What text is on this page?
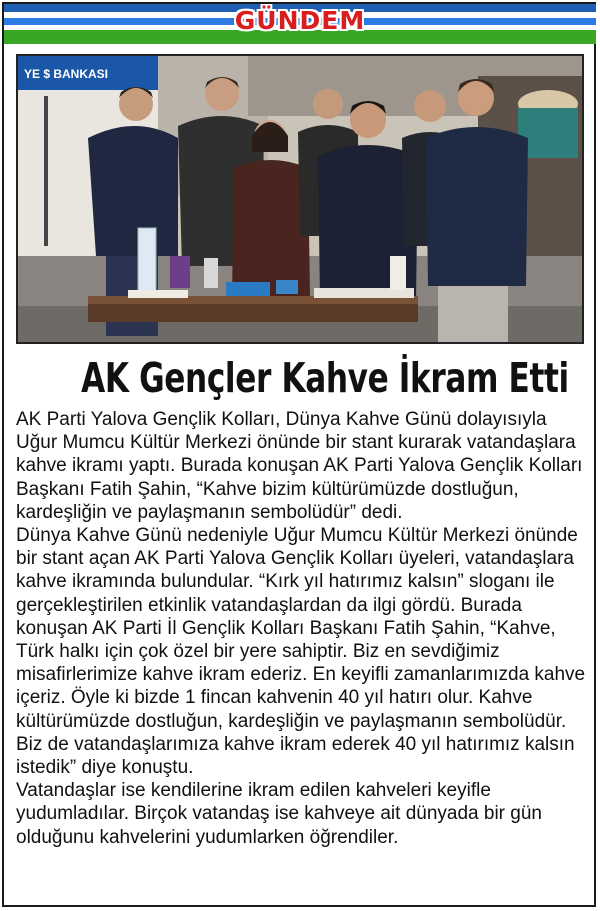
GÜNDEM
YE $ BANKASI
AK Gençler Kahve İkram Etti

AK Parti Yalova Gençlik Kolları, Dünya Kahve Günü dolayısıyla Uğur Mumcu Kültür Merkezi önünde bir stant kurarak vatandaşlara kahve ikramı yaptı. Burada konuşan AK Parti Yalova Gençlik Kolları Başkanı Fatih Şahin, “Kahve bizim kültürümüzde dostluğun, kardeşliğin ve paylaşmanın sembolüdür” dedi.

Dünya Kahve Günü nedeniyle Uğur Mumcu Kültür Merkezi önünde bir stant açan AK Parti Yalova Gençlik Kolları üyeleri, vatandaşlara kahve ikramında bulundular. “Kırk yıl hatırımız kalsın” sloganı ile gerçekleştirilen etkinlik vatandaşlardan da ilgi gördü. Burada konuşan AK Parti İl Gençlik Kolları Başkanı Fatih Şahin, “Kahve, Türk halkı için çok özel bir yere sahiptir. Biz en sevdiğimiz misafirlerimize kahve ikram ederiz. En keyifli zamanlarımızda kahve içeriz. Öyle ki bizde 1 fincan kahvenin 40 yıl hatırı olur. Kahve kültürümüzde dostluğun, kardeşliğin ve paylaşmanın sembolüdür. Biz de vatandaşlarımıza kahve ikram ederek 40 yıl hatırımız kalsın istedik” diye konuştu.

Vatandaşlar ise kendilerine ikram edilen kahveleri keyifle yudumladılar. Birçok vatandaş ise kahveye ait dünyada bir gün olduğunu kahvelerini yudumlarken öğrendiler.
